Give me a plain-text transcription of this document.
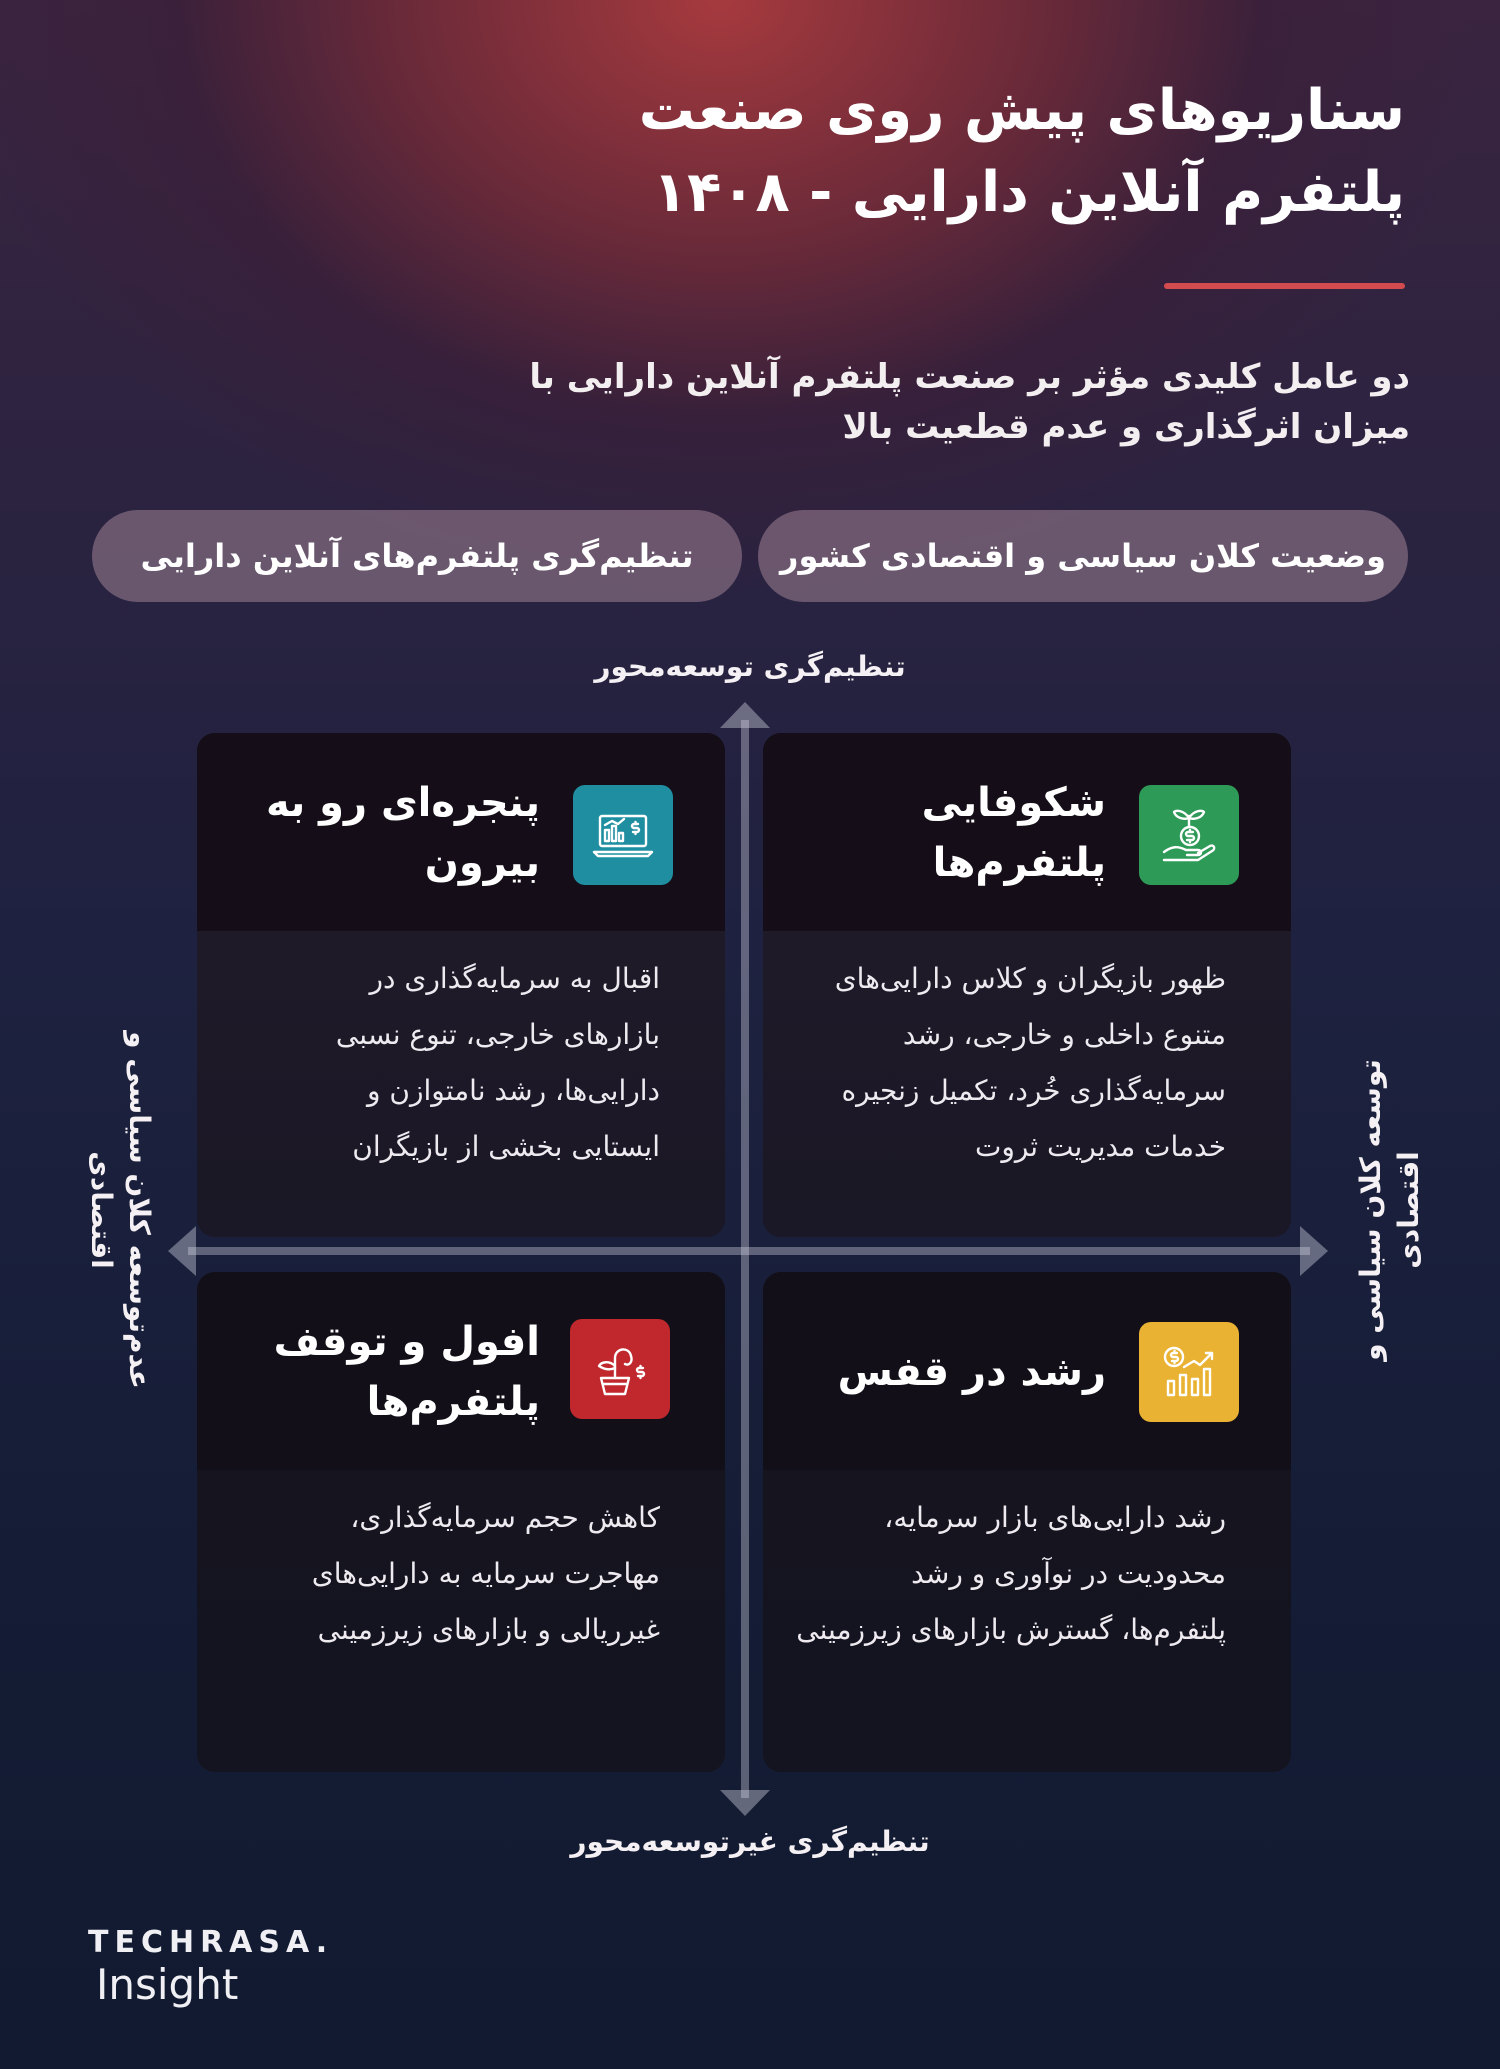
سناریوهای پیش روی صنعت
پلتفرم آنلاین دارایی - ۱۴۰۸
دو عامل کلیدی مؤثر بر صنعت پلتفرم آنلاین دارایی با
میزان اثرگذاری و عدم قطعیت بالا
وضعیت کلان سیاسی و اقتصادی کشور
تنظیم‌گری پلتفرم‌های آنلاین دارایی
تنظیم‌گری توسعه‌محور
تنظیم‌گری غیرتوسعه‌محور
توسعه کلان سیاسی و اقتصادی
عدم‌توسعه کلان سیاسی و اقتصادی
شکوفایی
پلتفرم‌ها
ظهور بازیگران و کلاس دارایی‌های
متنوع داخلی و خارجی، رشد
سرمایه‌گذاری خُرد، تکمیل زنجیره
خدمات مدیریت ثروت
پنجره‌ای رو به
بیرون
اقبال به سرمایه‌گذاری در
بازارهای خارجی، تنوع نسبی
دارایی‌ها، رشد نامتوازن و
ایستایی بخشی از بازیگران
رشد در قفس
رشد دارایی‌های بازار سرمایه،
محدودیت در نوآوری و رشد
پلتفرم‌ها، گسترش بازارهای زیرزمینی
افول و توقف
پلتفرم‌ها
کاهش حجم سرمایه‌گذاری،
مهاجرت سرمایه به دارایی‌های
غیرریالی و بازارهای زیرزمینی
TECHRASA.
Insight
